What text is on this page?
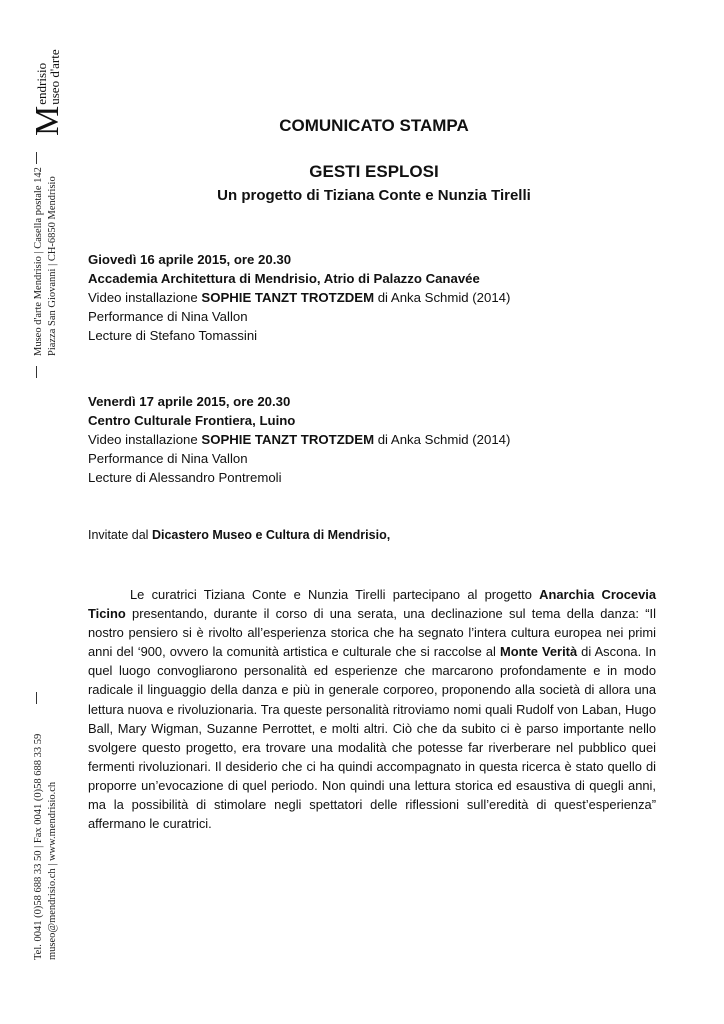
M
endrisio
useo d'arte
Museo d'arte Mendrisio | Casella postale 142 Piazza San Giovanni | CH-6850 Mendrisio
Tel. 0041 (0)58 688 33 50 | Fax 0041 (0)58 688 33 59 museo@mendrisio.ch | www.mendrisio.ch
COMUNICATO STAMPA
GESTI ESPLOSI
Un progetto di Tiziana Conte e Nunzia Tirelli
Giovedì 16 aprile 2015, ore 20.30
Accademia Architettura di Mendrisio, Atrio di Palazzo Canavée
Video installazione SOPHIE TANZT TROTZDEM di Anka Schmid (2014)
Performance di Nina Vallon
Lecture di Stefano Tomassini
Venerdì 17 aprile 2015, ore 20.30
Centro Culturale Frontiera, Luino
Video installazione SOPHIE TANZT TROTZDEM di Anka Schmid (2014)
Performance di Nina Vallon
Lecture di Alessandro Pontremoli
Invitate dal Dicastero Museo e Cultura di Mendrisio,
Le curatrici Tiziana Conte e Nunzia Tirelli partecipano al progetto Anarchia Crocevia Ticino presentando, durante il corso di una serata, una declinazione sul tema della danza: “Il nostro pensiero si è rivolto all’esperienza storica che ha segnato l’intera cultura europea nei primi anni del ‘900, ovvero la comunità artistica e culturale che si raccolse al Monte Verità di Ascona. In quel luogo convogliarono personalità ed esperienze che marcarono profondamente e in modo radicale il linguaggio della danza e più in generale corporeo, proponendo alla società di allora una lettura nuova e rivoluzionaria. Tra queste personalità ritroviamo nomi quali Rudolf von Laban, Hugo Ball, Mary Wigman, Suzanne Perrottet, e molti altri. Ciò che da subito ci è parso importante nello svolgere questo progetto, era trovare una modalità che potesse far riverberare nel pubblico quei fermenti rivoluzionari. Il desiderio che ci ha quindi accompagnato in questa ricerca è stato quello di proporre un’evocazione di quel periodo. Non quindi una lettura storica ed esaustiva di quegli anni, ma la possibilità di stimolare negli spettatori delle riflessioni sull’eredità di quest’esperienza” affermano le curatrici.
